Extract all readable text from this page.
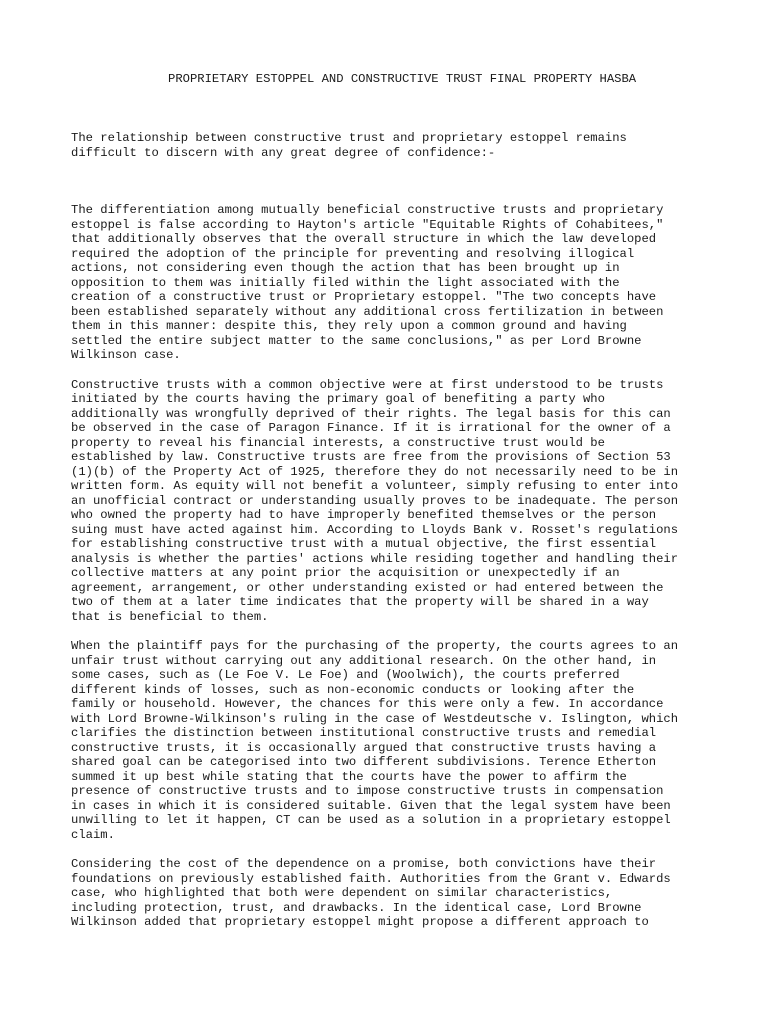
PROPRIETARY ESTOPPEL AND CONSTRUCTIVE TRUST FINAL PROPERTY HASBA

The relationship between constructive trust and proprietary estoppel remains
difficult to discern with any great degree of confidence:-

The differentiation among mutually beneficial constructive trusts and proprietary
estoppel is false according to Hayton's article "Equitable Rights of Cohabitees,"
that additionally observes that the overall structure in which the law developed
required the adoption of the principle for preventing and resolving illogical
actions, not considering even though the action that has been brought up in
opposition to them was initially filed within the light associated with the
creation of a constructive trust or Proprietary estoppel. "The two concepts have
been established separately without any additional cross fertilization in between
them in this manner: despite this, they rely upon a common ground and having
settled the entire subject matter to the same conclusions," as per Lord Browne
Wilkinson case.

Constructive trusts with a common objective were at first understood to be trusts
initiated by the courts having the primary goal of benefiting a party who
additionally was wrongfully deprived of their rights. The legal basis for this can
be observed in the case of Paragon Finance. If it is irrational for the owner of a
property to reveal his financial interests, a constructive trust would be
established by law. Constructive trusts are free from the provisions of Section 53
(1)(b) of the Property Act of 1925, therefore they do not necessarily need to be in
written form. As equity will not benefit a volunteer, simply refusing to enter into
an unofficial contract or understanding usually proves to be inadequate. The person
who owned the property had to have improperly benefited themselves or the person
suing must have acted against him. According to Lloyds Bank v. Rosset's regulations
for establishing constructive trust with a mutual objective, the first essential
analysis is whether the parties' actions while residing together and handling their
collective matters at any point prior the acquisition or unexpectedly if an
agreement, arrangement, or other understanding existed or had entered between the
two of them at a later time indicates that the property will be shared in a way
that is beneficial to them.

When the plaintiff pays for the purchasing of the property, the courts agrees to an
unfair trust without carrying out any additional research. On the other hand, in
some cases, such as (Le Foe V. Le Foe) and (Woolwich), the courts preferred
different kinds of losses, such as non-economic conducts or looking after the
family or household. However, the chances for this were only a few. In accordance
with Lord Browne-Wilkinson's ruling in the case of Westdeutsche v. Islington, which
clarifies the distinction between institutional constructive trusts and remedial
constructive trusts, it is occasionally argued that constructive trusts having a
shared goal can be categorised into two different subdivisions. Terence Etherton
summed it up best while stating that the courts have the power to affirm the
presence of constructive trusts and to impose constructive trusts in compensation
in cases in which it is considered suitable. Given that the legal system have been
unwilling to let it happen, CT can be used as a solution in a proprietary estoppel
claim.

Considering the cost of the dependence on a promise, both convictions have their
foundations on previously established faith. Authorities from the Grant v. Edwards
case, who highlighted that both were dependent on similar characteristics,
including protection, trust, and drawbacks. In the identical case, Lord Browne
Wilkinson added that proprietary estoppel might propose a different approach to
